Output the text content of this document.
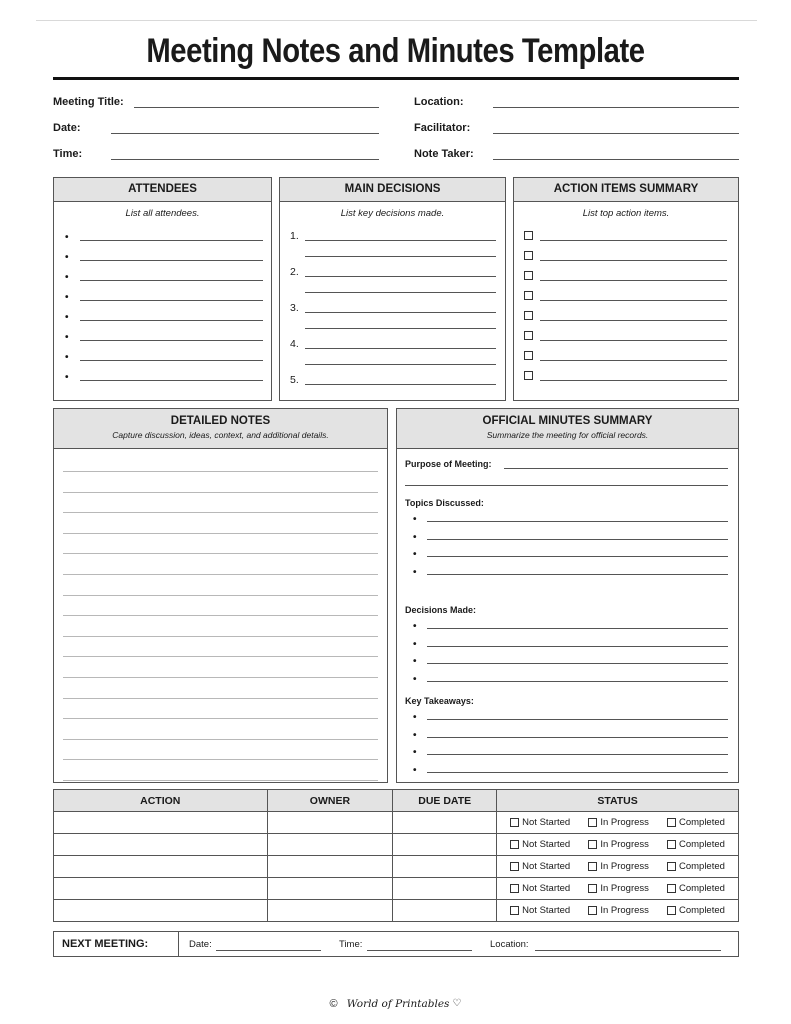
Meeting Notes and Minutes Template
Meeting Title:
Date:
Time:
Location:
Facilitator:
Note Taker:
ATTENDEES
List all attendees.
•
•
•
•
•
•
•
•
MAIN DECISIONS
List key decisions made.
1.
2.
3.
4.
5.
ACTION ITEMS SUMMARY
List top action items.
DETAILED NOTES
Capture discussion, ideas, context, and additional details.
OFFICIAL MINUTES SUMMARY
Summarize the meeting for official records.
Purpose of Meeting:
Topics Discussed:
Decisions Made:
Key Takeaways:
•
•
•
•
•
•
•
•
•
•
•
•
ACTION	OWNER	DUE DATE	STATUS

			Not Started In Progress Completed

			Not Started In Progress Completed

			Not Started In Progress Completed

			Not Started In Progress Completed

			Not Started In Progress Completed
NEXT MEETING:	Date:	Time:	Location:
© World of Printables ♡
